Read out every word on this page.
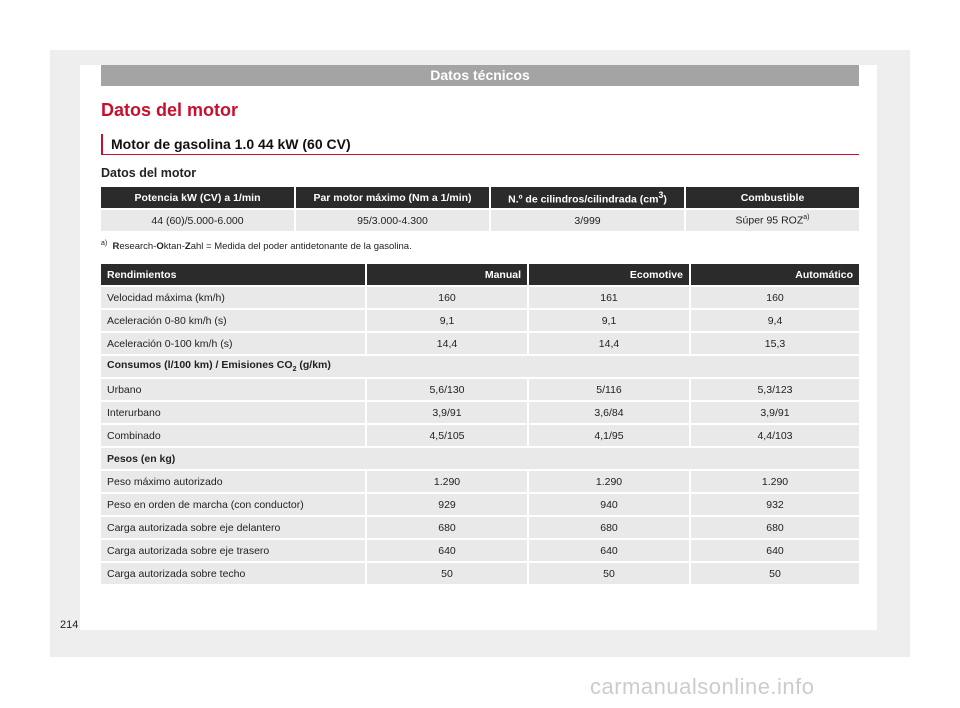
Datos técnicos
Datos del motor
Motor de gasolina 1.0 44 kW (60 CV)
Datos del motor
Potencia kW (CV) a 1/min	Par motor máximo (Nm a 1/min)	N.º de cilindros/cilindrada $(cm^3)$	Combustible
44 (60)/5.000-6.000	95/3.000-4.300	3/999	Súper 95 ROZ$^{a)}$
$^{a)}$ Research-Oktan-Zahl = Medida del poder antidetonante de la gasolina.
Rendimientos	Manual	Ecomotive	Automático
Velocidad máxima (km/h)	160	161	160
Aceleración 0-80 km/h (s)	9,1	9,1	9,4
Aceleración 0-100 km/h (s)	14,4	14,4	15,3
Consumos (l/100 km) / Emisiones $CO_2$ (g/km)			
Urbano	5,6/130	5/116	5,3/123
Interurbano	3,9/91	3,6/84	3,9/91
Combinado	4,5/105	4,1/95	4,4/103
Pesos (en kg)			
Peso máximo autorizado	1.290	1.290	1.290
Peso en orden de marcha (con conductor)	929	940	932
Carga autorizada sobre eje delantero	680	680	680
Carga autorizada sobre eje trasero	640	640	640
Carga autorizada sobre techo	50	50	50
214
carmanualsonline.info
